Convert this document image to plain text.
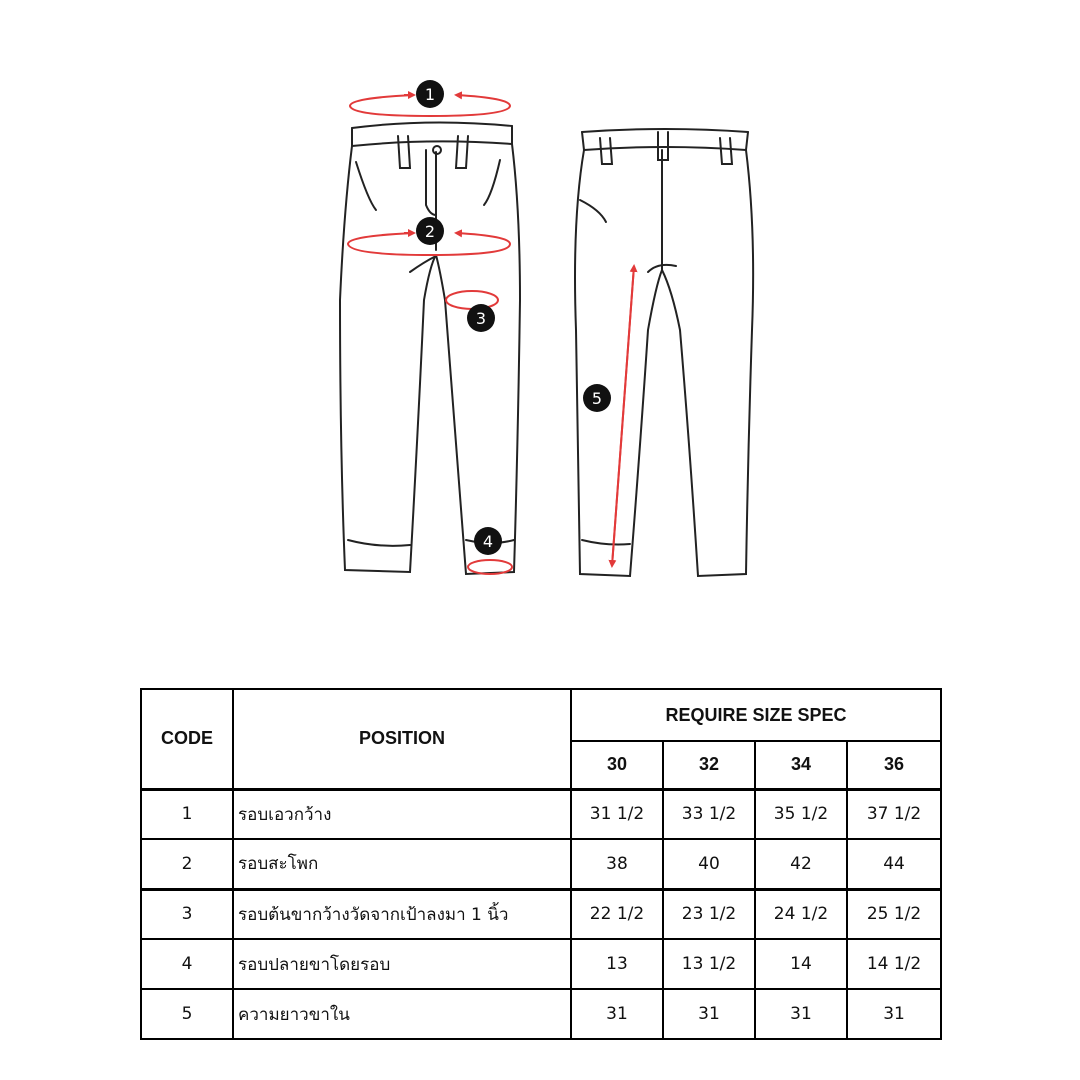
1
2
3
4
5
CODE	POSITION	REQUIRE SIZE SPEC			
		30	32	34	36
1	รอบเอวกว้าง	31 1/2	33 1/2	35 1/2	37 1/2
2	รอบสะโพก	38	40	42	44
3	รอบต้นขากว้างวัดจากเป้าลงมา 1 นิ้ว	22 1/2	23 1/2	24 1/2	25 1/2
4	รอบปลายขาโดยรอบ	13	13 1/2	14	14 1/2
5	ความยาวขาใน	31	31	31	31
